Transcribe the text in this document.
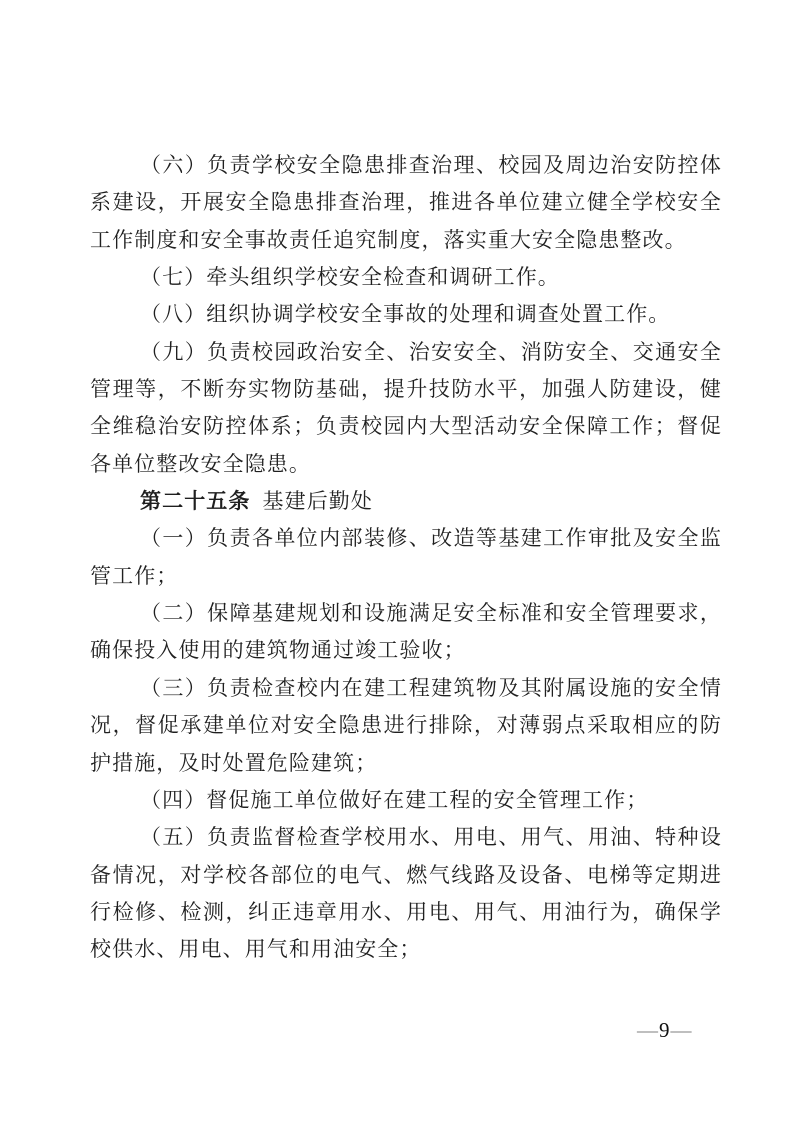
（六）负责学校安全隐患排查治理、校园及周边治安防控体
系建设，开展安全隐患排查治理，推进各单位建立健全学校安全
工作制度和安全事故责任追究制度，落实重大安全隐患整改。
（七）牵头组织学校安全检查和调研工作。
（八）组织协调学校安全事故的处理和调查处置工作。
（九）负责校园政治安全、治安安全、消防安全、交通安全
管理等，不断夯实物防基础，提升技防水平，加强人防建设，健
全维稳治安防控体系；负责校园内大型活动安全保障工作；督促
各单位整改安全隐患。
第二十五条 基建后勤处
（一）负责各单位内部装修、改造等基建工作审批及安全监
管工作；
（二）保障基建规划和设施满足安全标准和安全管理要求，
确保投入使用的建筑物通过竣工验收；
（三）负责检查校内在建工程建筑物及其附属设施的安全情
况，督促承建单位对安全隐患进行排除，对薄弱点采取相应的防
护措施，及时处置危险建筑；
（四）督促施工单位做好在建工程的安全管理工作；
（五）负责监督检查学校用水、用电、用气、用油、特种设
备情况，对学校各部位的电气、燃气线路及设备、电梯等定期进
行检修、检测，纠正违章用水、用电、用气、用油行为，确保学
校供水、用电、用气和用油安全；
—9—
